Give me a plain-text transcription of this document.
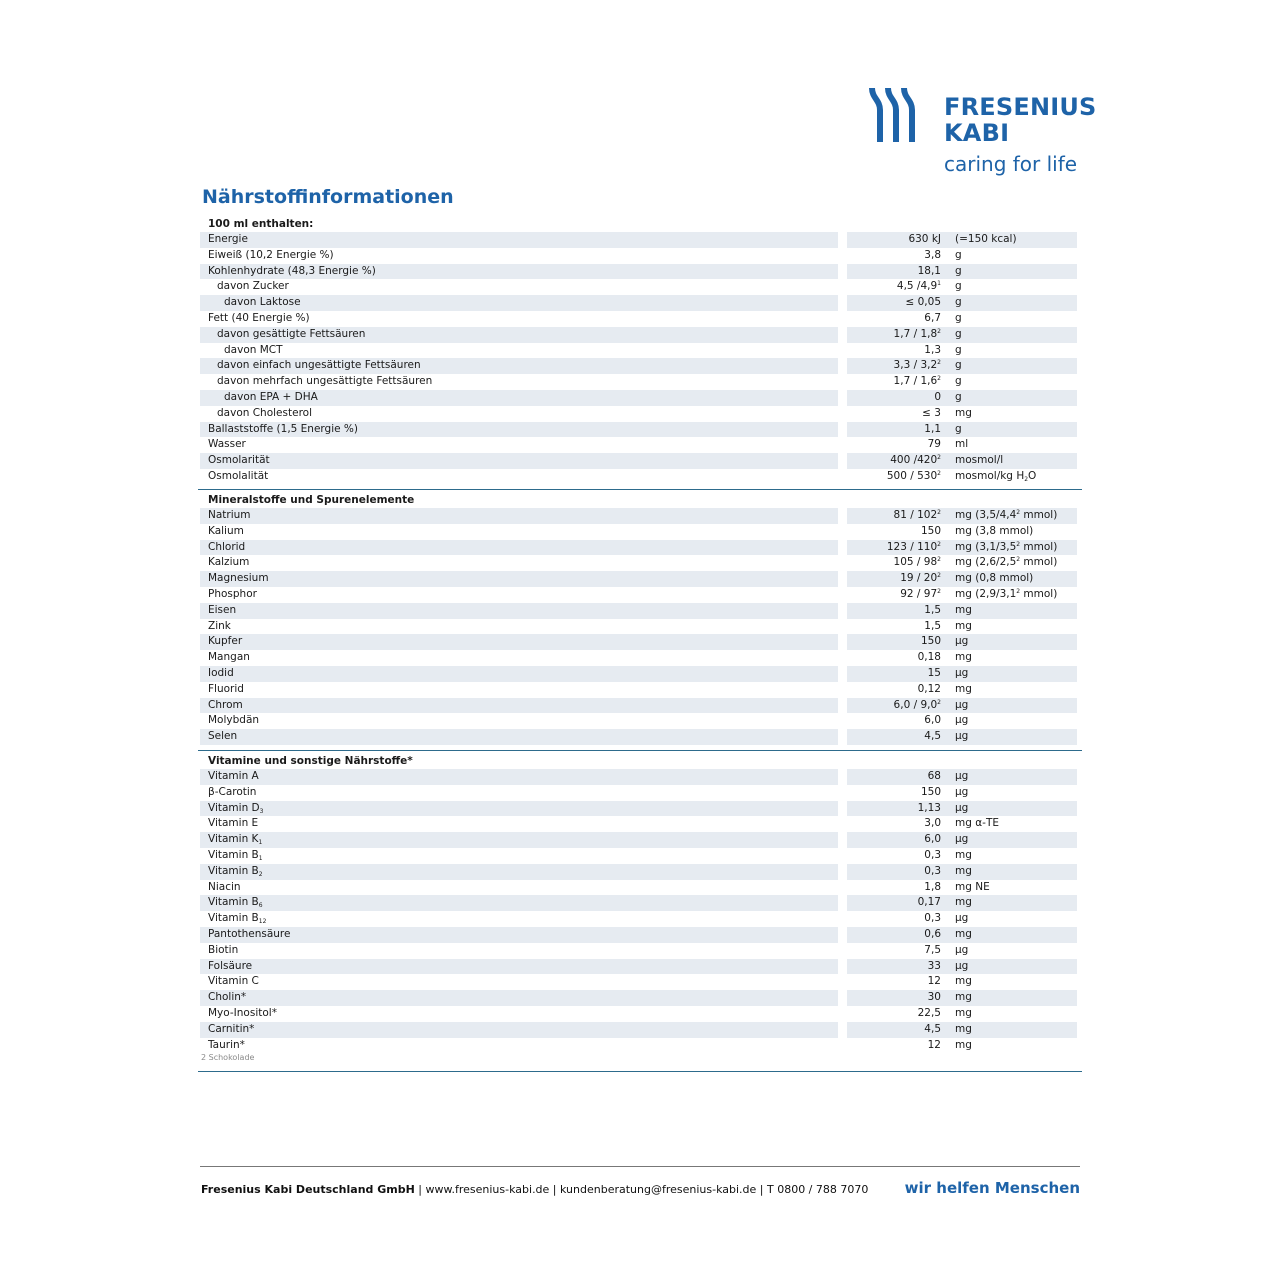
FRESENIUS
KABI
caring for life
Nährstoffinformationen
100 ml enthalten:
Energie	630 kJ	(=150 kcal)
Eiweiß (10,2 Energie %)	3,8	g
Kohlenhydrate (48,3 Energie %)	18,1	g
davon Zucker	4,5 $/4,9^1$	g
davon Laktose	≤ 0,05	g
Fett (40 Energie %)	6,7	g
davon gesättigte Fettsäuren	$1,7 / 1,8^2$	g
davon MCT	1,3	g
davon einfach ungesättigte Fettsäuren	$3,3 / 3,2^2$	g
davon mehrfach ungesättigte Fettsäuren	$1,7 / 1,6^2$	g
davon EPA + DHA	0	g
davon Cholesterol	≤ 3	mg
Ballaststoffe (1,5 Energie %)	1,1	g
Wasser	79	ml
Osmolarität	400 $/420^2$	mosmol/l
Osmolalität	$500 / 530^2$	mosmol/kg $H_2O$
Mineralstoffe und Spurenelemente
Natrium	$81 / 102^2$	mg ($3,5/4,4^2$ mmol)
Kalium	150	mg (3,8 mmol)
Chlorid	$123 / 110^2$	mg ($3,1/3,5^2$ mmol)
Kalzium	$105 / 98^2$	mg ($2,6/2,5^2$ mmol)
Magnesium	$19 / 20^2$	mg (0,8 mmol)
Phosphor	$92 / 97^2$	mg ($2,9/3,1^2$ mmol)
Eisen	1,5	mg
Zink	1,5	mg
Kupfer	150	µg
Mangan	0,18	mg
Iodid	15	µg
Fluorid	0,12	mg
Chrom	$6,0 / 9,0^2$	µg
Molybdän	6,0	µg
Selen	4,5	µg
Vitamine und sonstige Nährstoffe*
Vitamin A	68	µg
β-Carotin	150	µg
Vitamin $D_3$	1,13	µg
Vitamin E	3,0	mg α-TE
Vitamin $K_1$	6,0	µg
Vitamin $B_1$	0,3	mg
Vitamin $B_2$	0,3	mg
Niacin	1,8	mg NE
Vitamin $B_6$	0,17	mg
Vitamin $B_{12}$	0,3	µg
Pantothensäure	0,6	mg
Biotin	7,5	µg
Folsäure	33	µg
Vitamin C	12	mg
Cholin*	30	mg
Myo-Inositol*	22,5	mg
Carnitin*	4,5	mg
Taurin*	12	mg
2 Schokolade
Fresenius Kabi Deutschland GmbH | www.fresenius-kabi.de | kundenberatung@fresenius-kabi.de | T 0800 / 788 7070 wir helfen Menschen
